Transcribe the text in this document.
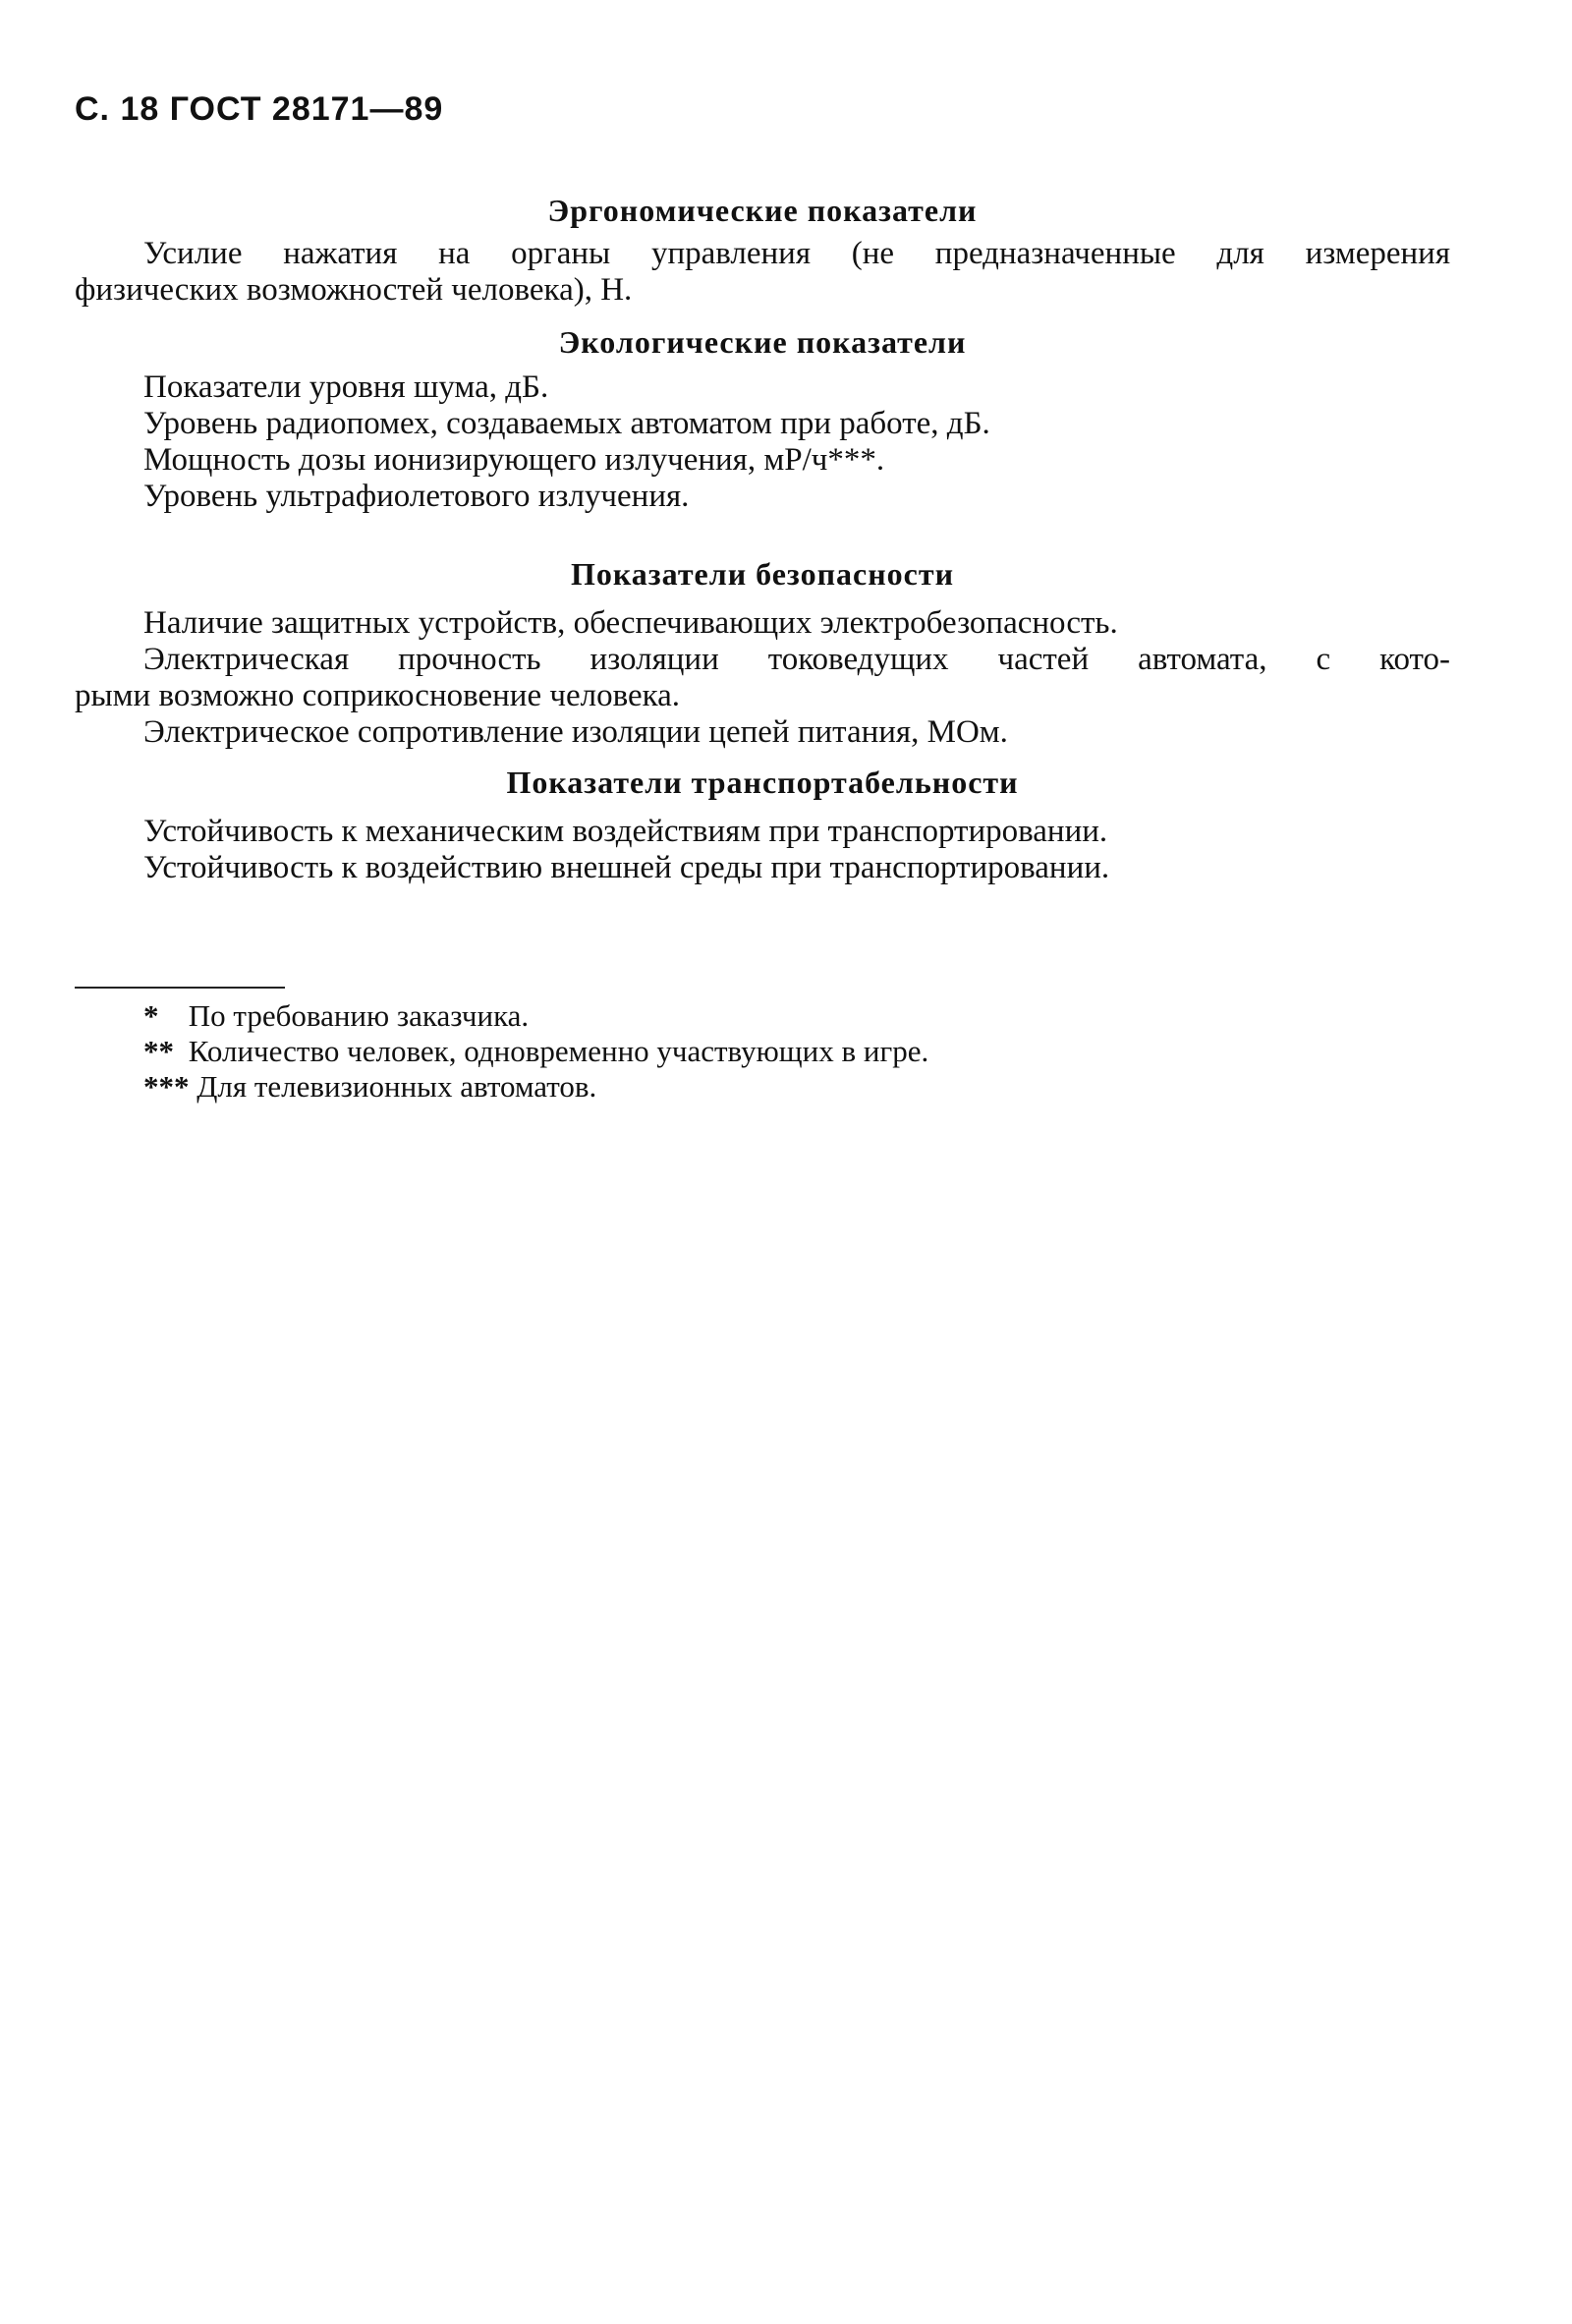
С. 18 ГОСТ 28171—89
Эргономические показатели

Усилие нажатия на органы управления (не предназначенные для измерения

физических возможностей человека), Н.

Экологические показатели

Показатели уровня шума, дБ.

Уровень радиопомех, создаваемых автоматом при работе, дБ.

Мощность дозы ионизирующего излучения, мР/ч***.

Уровень ультрафиолетового излучения.

Показатели безопасности

Наличие защитных устройств, обеспечивающих электробезопасность.

Электрическая прочность изоляции токоведущих частей автомата, с кото-

рыми возможно соприкосновение человека.

Электрическое сопротивление изоляции цепей питания, МОм.

Показатели транспортабельности

Устойчивость к механическим воздействиям при транспортировании.

Устойчивость к воздействию внешней среды при транспортировании.

* По требованию заказчика.

** Количество человек, одновременно участвующих в игре.

*** Для телевизионных автоматов.
